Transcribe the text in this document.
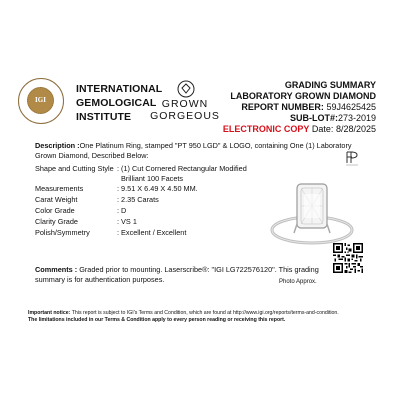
IGI
INTERNATIONAL
GEMOLOGICAL
INSTITUTE
GROWN
GORGEOUS
GRADING SUMMARY
LABORATORY GROWN DIAMOND
REPORT NUMBER: 59J4625425
SUB-LOT#:273-2019
ELECTRONIC COPY Date: 8/28/2025
Description :One Platinum Ring, stamped "PT 950 LGD" & LOGO, containing One (1) Laboratory Grown Diamond, Described Below:
Shape and Cutting Style : (1) Cut Cornered Rectangular Modified
Brilliant 100 Facets
Measurements	: 9.51 X 6.49 X 4.50 MM.
Carat Weight	: 2.35 Carats
Color Grade	: D
Clarity Grade	: VS 1
Polish/Symmetry	: Excellent / Excellent
Photo Approx.
Comments : Graded prior to mounting. Laserscribe®: "IGI LG722576120". This grading summary is for authentication purposes.
Important notice: This report is subject to IGI's Terms and Condition, which are found at http://www.igi.org/reports/terms-and-condition.
The limitations included in our Terms & Condition apply to every person reading or receiving this report.
